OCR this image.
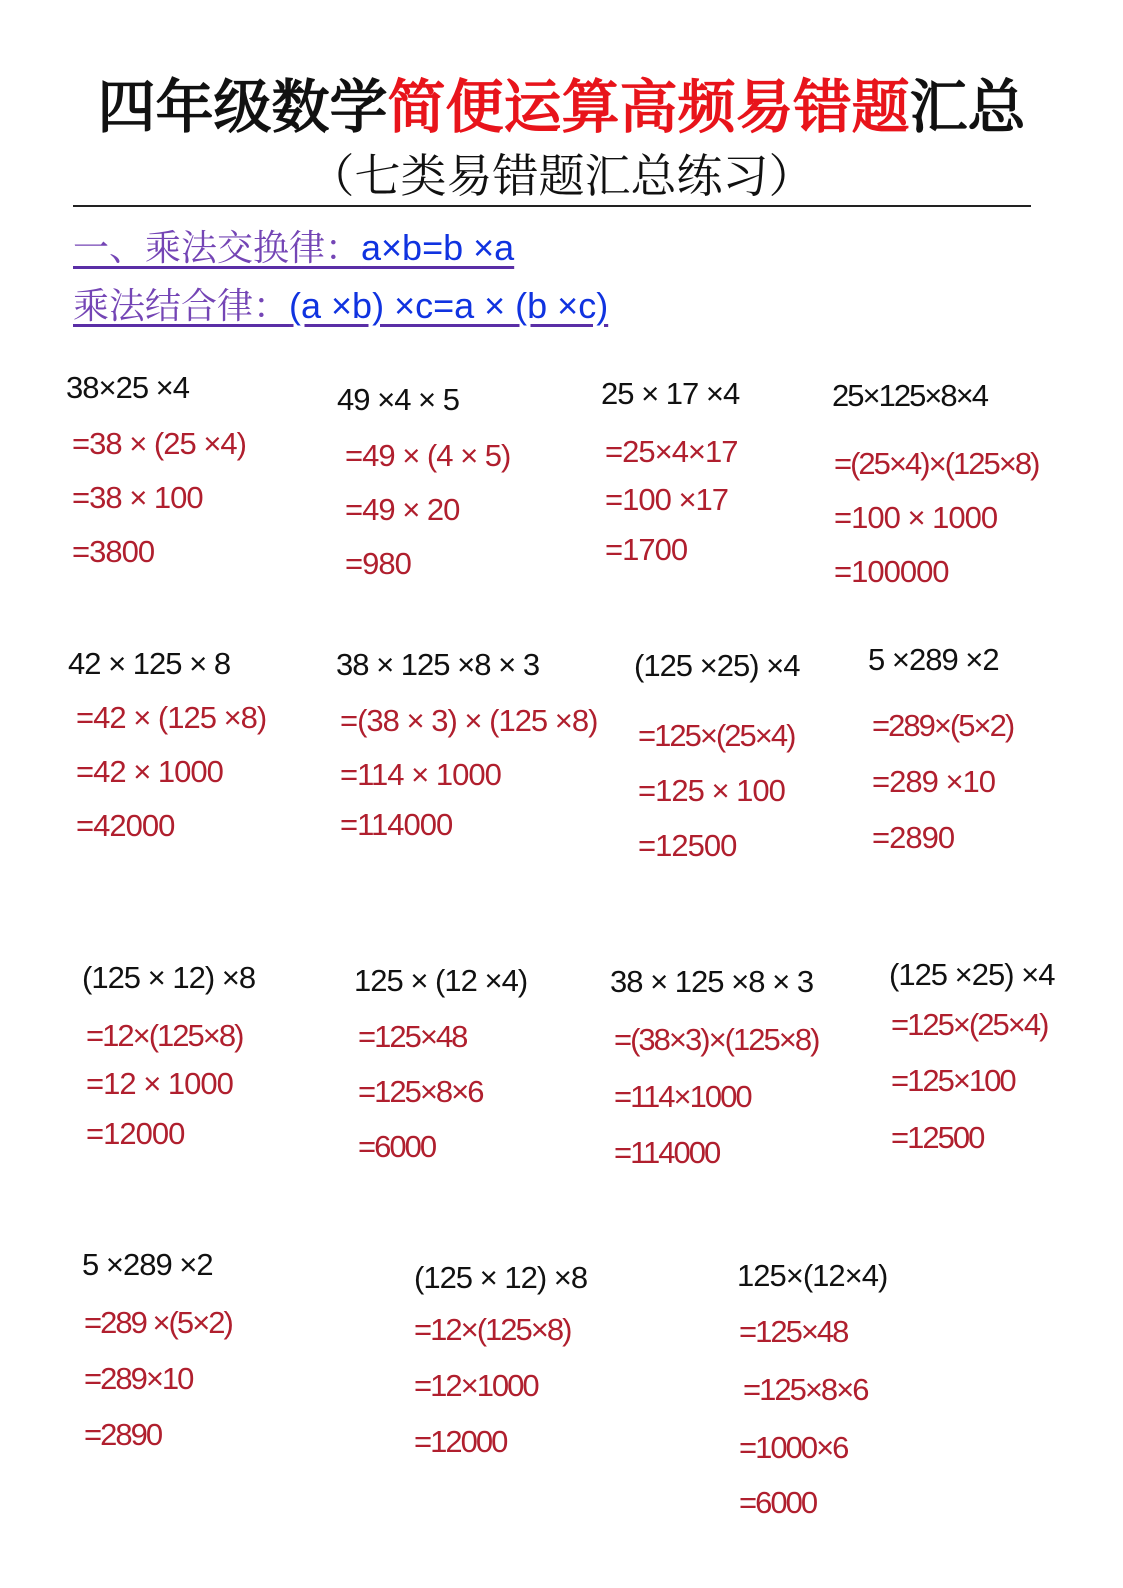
四年级数学简便运算高频易错题汇总
（七类易错题汇总练习）
一、乘法交换律：a×b=b ×a
乘法结合律：(a ×b) ×c=a × (b ×c)
38×25 ×4
=38 × (25 ×4)
=38 × 100
=3800
49 ×4 × 5
=49 × (4 × 5)
=49 × 20
=980
25 × 17 ×4
=25×4×17
=100 ×17
=1700
25×125×8×4
=(25×4)×(125×8)
=100 × 1000
=100000
42 × 125 × 8
=42 × (125 ×8)
=42 × 1000
=42000
38 × 125 ×8 × 3
=(38 × 3) × (125 ×8)
=114 × 1000
=114000
(125 ×25) ×4
=125×(25×4)
=125 × 100
=12500
5 ×289 ×2
=289×(5×2)
=289 ×10
=2890
(125 × 12) ×8
=12×(125×8)
=12 × 1000
=12000
125 × (12 ×4)
=125×48
=125×8×6
=6000
38 × 125 ×8 × 3
=(38×3)×(125×8)
=114×1000
=114000
(125 ×25) ×4
=125×(25×4)
=125×100
=12500
5 ×289 ×2
=289 ×(5×2)
=289×10
=2890
(125 × 12) ×8
=12×(125×8)
=12×1000
=12000
125×(12×4)
=125×48
=125×8×6
=1000×6
=6000
